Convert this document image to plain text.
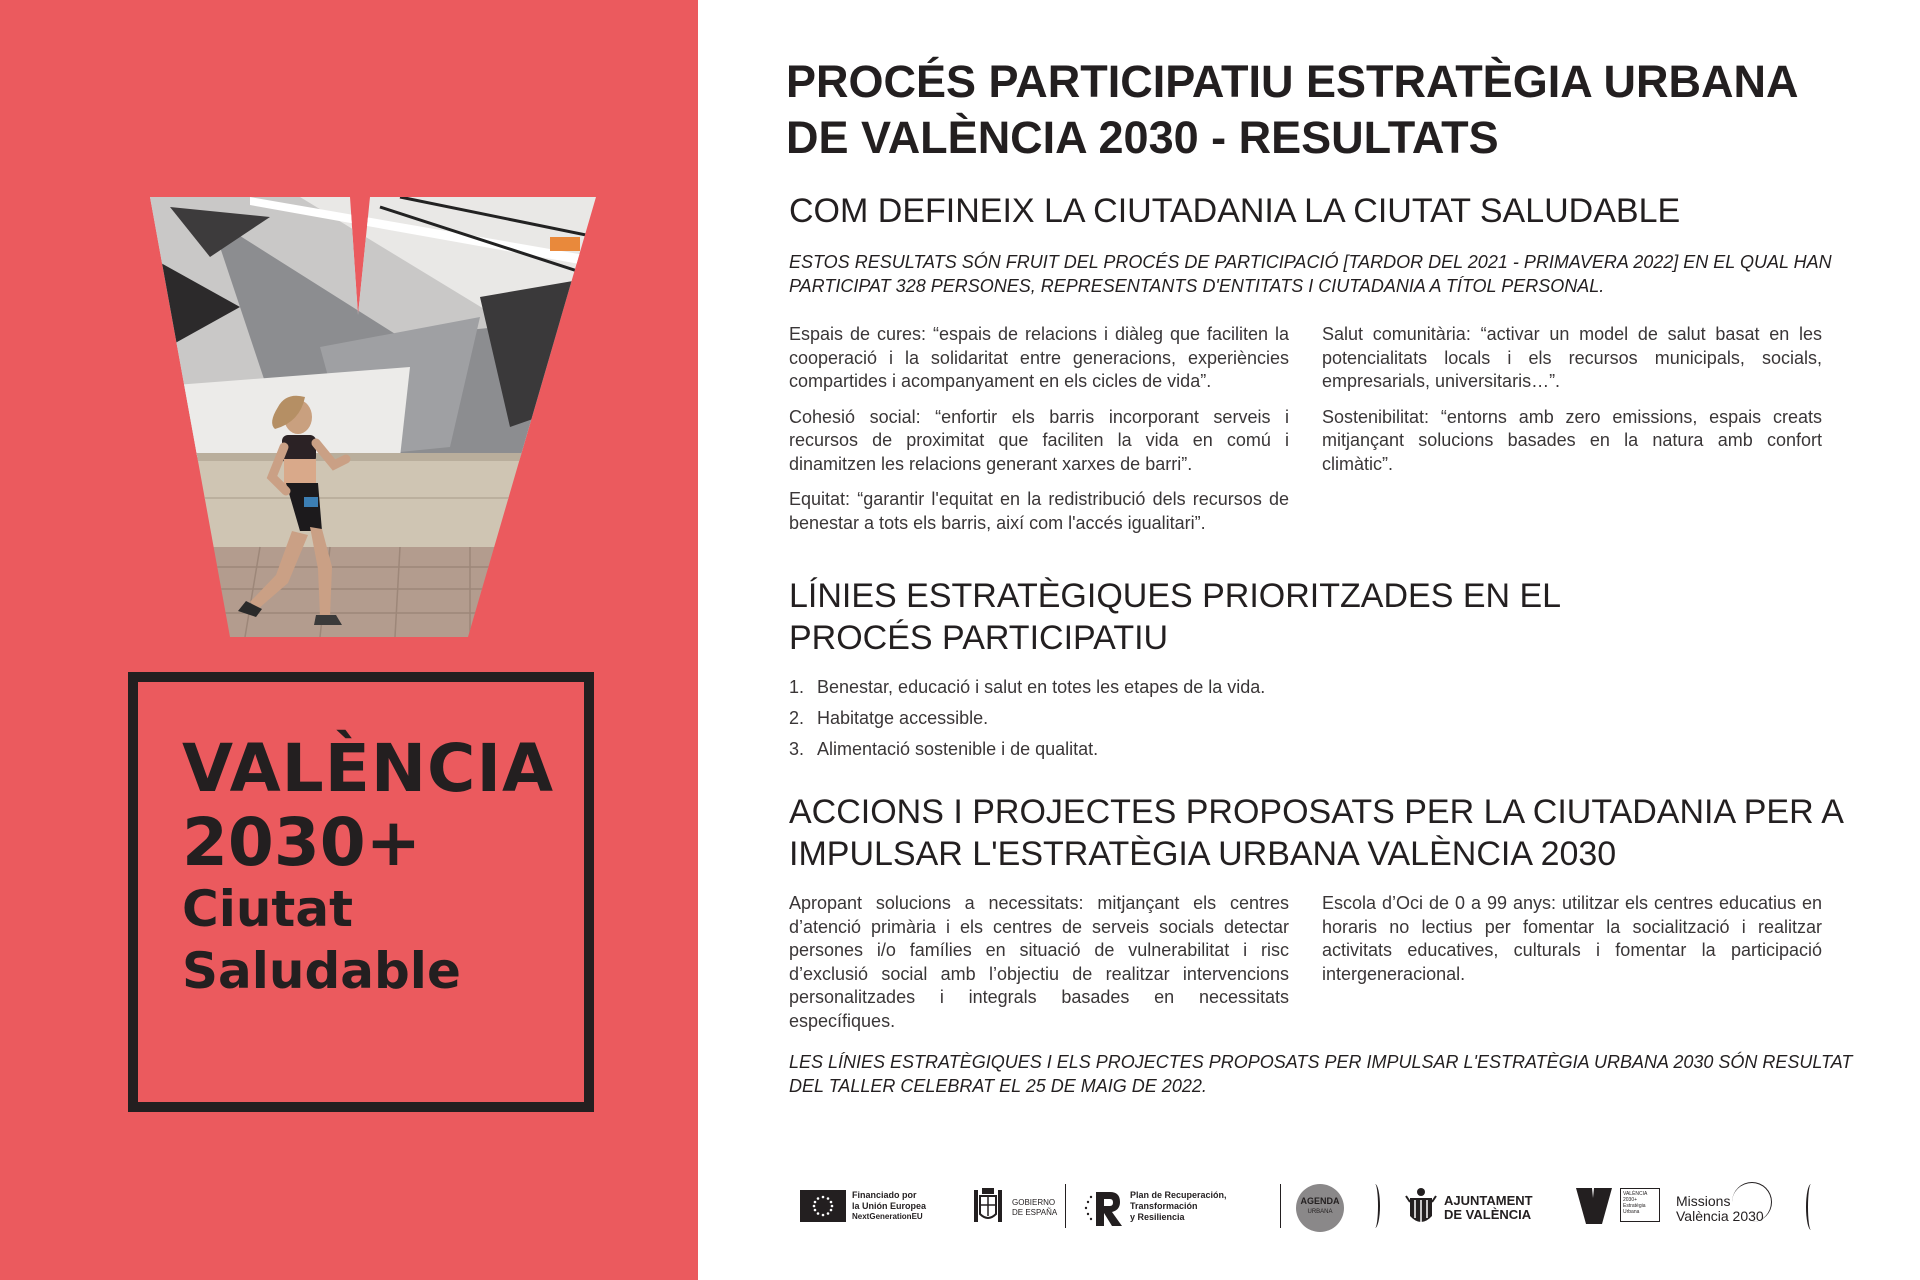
VALÈNCIA
2030+
Ciutat
Saludable
PROCÉS PARTICIPATIU ESTRATÈGIA URBANA DE VALÈNCIA 2030 - RESULTATS
COM DEFINEIX LA CIUTADANIA LA CIUTAT SALUDABLE
ESTOS RESULTATS SÓN FRUIT DEL PROCÉS DE PARTICIPACIÓ [TARDOR DEL 2021 - PRIMAVERA 2022] EN EL QUAL HAN PARTICIPAT 328 PERSONES, REPRESENTANTS D'ENTITATS I CIUTADANIA A TÍTOL PERSONAL.

Espais de cures: “espais de relacions i diàleg que faciliten la cooperació i la solidaritat entre generacions, experiències compartides i acompanyament en els cicles de vida”.

Cohesió social: “enfortir els barris incorporant serveis i recursos de proximitat que faciliten la vida en comú i dinamitzen les relacions generant xarxes de barri”.

Equitat: “garantir l'equitat en la redistribució dels recursos de benestar a tots els barris, així com l'accés igualitari”.

Salut comunitària: “activar un model de salut basat en les potencialitats locals i els recursos municipals, socials, empresarials, universitaris…”.

Sostenibilitat: “entorns amb zero emissions, espais creats mitjançant solucions basades en la natura amb confort climàtic”.

LÍNIES ESTRATÈGIQUES PRIORITZADES EN EL PROCÉS PARTICIPATIU
1. Benestar, educació i salut en totes les etapes de la vida.
2. Habitatge accessible.
3. Alimentació sostenible i de qualitat.
ACCIONS I PROJECTES PROPOSATS PER LA CIUTADANIA PER A IMPULSAR L'ESTRATÈGIA URBANA VALÈNCIA 2030

Apropant solucions a necessitats: mitjançant els centres d’atenció primària i els centres de serveis socials detectar persones i/o famílies en situació de vulnerabilitat i risc d’exclusió social amb l’objectiu de realitzar intervencions personalitzades i integrals basades en necessitats específiques.

Escola d’Oci de 0 a 99 anys: utilitzar els centres educatius en horaris no lectius per fomentar la socialització i realitzar activitats educatives, culturals i fomentar la participació intergeneracional.

LES LÍNIES ESTRATÈGIQUES I ELS PROJECTES PROPOSATS PER IMPULSAR L'ESTRATÈGIA URBANA 2030 SÓN RESULTAT DEL TALLER CELEBRAT EL 25 DE MAIG DE 2022.
Financiado por
la Unión Europea
NextGenerationEU
GOBIERNO
DE ESPAÑA
Plan de Recuperación,
Transformación
y Resiliencia
AGENDA
URBANA
AJUNTAMENT
DE VALÈNCIA
VALÈNCIA
2030+
Estratègia
Urbana
Missions
València 2030
